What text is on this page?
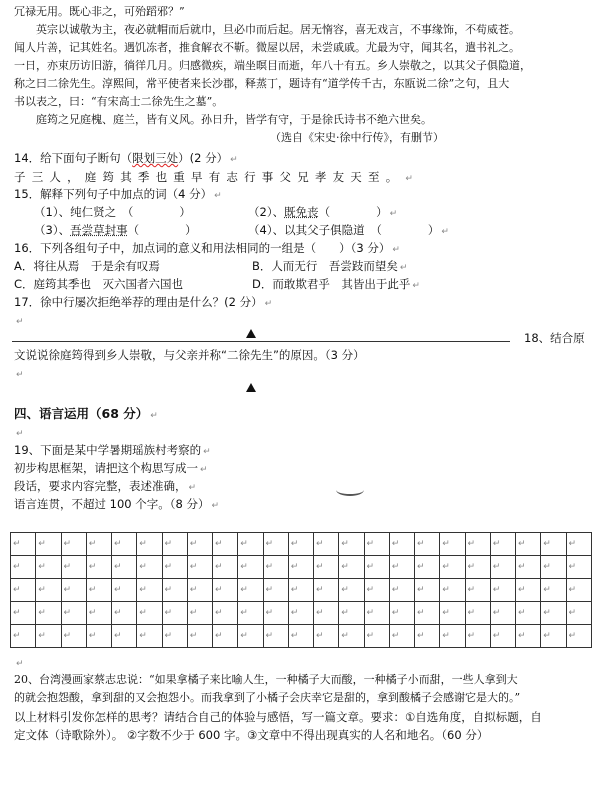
冗禄无用。既心非之，可殆蹈邪？”
英宗以诚敬为主，夜必就帽而后就巾，旦必巾而后起。居无惰容，喜无戏言，不事缘饰，不苟威苍。
闻人片善，记其姓名。遇饥冻者，推食解衣不靳。微屋以居，未尝戚戚。尤最为守，闻其名，遣书礼之。
一日，亦束历访旧游，徜徉几月。归感微疾，端坐暝目而逝，年八十有五。乡人崇敬之，以其父子俱隐道，
称之曰二徐先生。淳熙间，常平使者来长沙郡，释蒸丁，题诗有“道学传千古，东瓯说二徐”之句，且大
书以表之，曰：“有宋高士二徐先生之墓”。
庭筠之兄庭槐、庭兰，皆有义风。孙日升，皆学有守，于是徐氏诗书不绝六世矣。
（选自《宋史·徐中行传》，有删节）
14．给下面句子断句（限划三处）(2 分） ↵
子三人，庭筠其季也重早有志行事父兄孝友天至。 ↵
15．解释下列句子中加点的词（4 分） ↵
（1）、纯仁贤之　（　　　　）	（2）、既免丧（　　　　） ↵
（3）、吾尝草封事（　　　　）	（4）、以其父子俱隐道　（　　　　） ↵
16．下列各组句子中，加点词的意义和用法相同的一组是（　　）（3 分） ↵
A．将往从焉　于是余有叹焉	B．人而无行　吾尝跂而望矣 ↵
C．庭筠其季也　灭六国者六国也	D．而敢欺君乎　其皆出于此乎 ↵
17．徐中行屡次拒绝举荐的理由是什么？(2 分） ↵
↵
18、结合原
文说说徐庭筠得到乡人崇敬，与父亲并称“二徐先生”的原因。（3 分）
↵
四、语言运用（68 分） ↵
↵
19、下面是某中学暑期瑶族村考察的 ↵
初步构思框架，请把这个构思写成一 ↵
段话，要求内容完整，表述准确， ↵
语言连贯，不超过 100 个字。（8 分） ↵
↵	↵	↵	↵	↵	↵	↵	↵	↵	↵	↵	↵	↵	↵	↵	↵	↵	↵	↵	↵	↵	↵	↵
↵	↵	↵	↵	↵	↵	↵	↵	↵	↵	↵	↵	↵	↵	↵	↵	↵	↵	↵	↵	↵	↵	↵
↵	↵	↵	↵	↵	↵	↵	↵	↵	↵	↵	↵	↵	↵	↵	↵	↵	↵	↵	↵	↵	↵	↵
↵	↵	↵	↵	↵	↵	↵	↵	↵	↵	↵	↵	↵	↵	↵	↵	↵	↵	↵	↵	↵	↵	↵
↵	↵	↵	↵	↵	↵	↵	↵	↵	↵	↵	↵	↵	↵	↵	↵	↵	↵	↵	↵	↵	↵	↵
↵
20、台湾漫画家蔡志忠说：“如果拿橘子来比喻人生，一种橘子大而酸，一种橘子小而甜，一些人拿到大
的就会抱怨酸，拿到甜的又会抱怨小。而我拿到了小橘子会庆幸它是甜的，拿到酸橘子会感谢它是大的。”
以上材料引发你怎样的思考？请结合自己的体验与感悟，写一篇文章。要求：①自选角度，自拟标题，自
定文体（诗歌除外）。 ②字数不少于 600 字。③文章中不得出现真实的人名和地名。（60 分）
